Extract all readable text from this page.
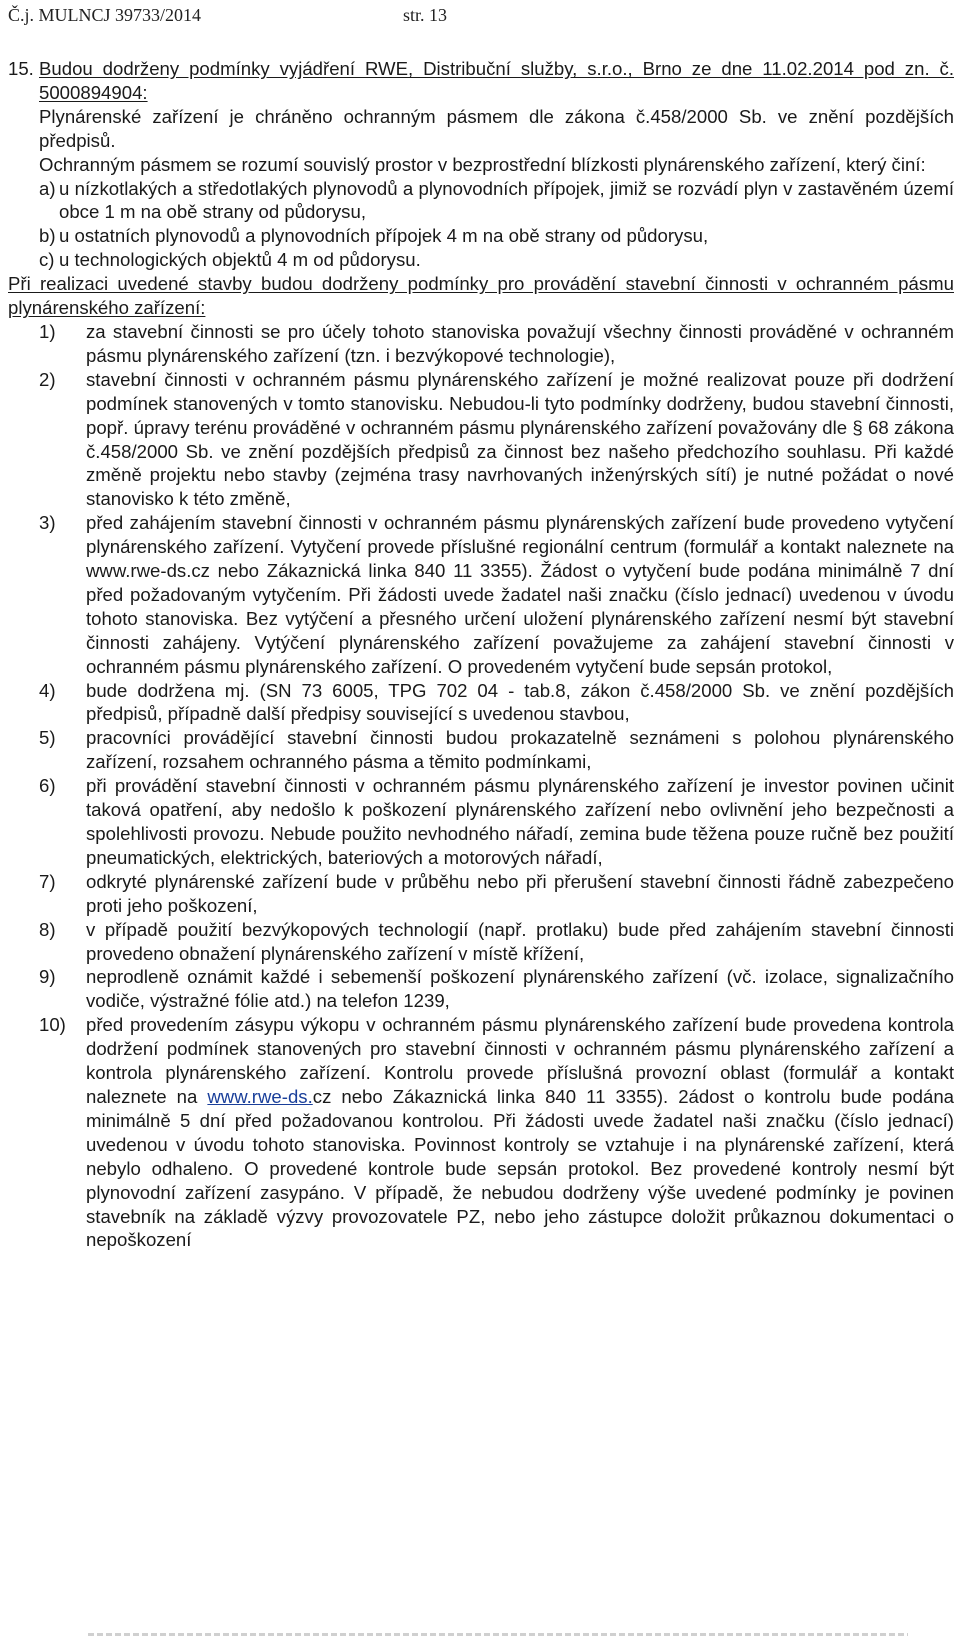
Č.j. MULNCJ 39733/2014	str. 13
15. Budou dodrženy podmínky vyjádření RWE, Distribuční služby, s.r.o., Brno ze dne 11.02.2014 pod zn. č. 5000894904:

Plynárenské zařízení je chráněno ochranným pásmem dle zákona č.458/2000 Sb. ve znění pozdějších předpisů.

Ochranným pásmem se rozumí souvislý prostor v bezprostřední blízkosti plynárenského zařízení, který činí:

a) u nízkotlakých a středotlakých plynovodů a plynovodních přípojek, jimiž se rozvádí plyn v zastavěném území obce 1 m na obě strany od půdorysu,

b) u ostatních plynovodů a plynovodních přípojek 4 m na obě strany od půdorysu,

c) u technologických objektů 4 m od půdorysu.

Při realizaci uvedené stavby budou dodrženy podmínky pro provádění stavební činnosti v ochranném pásmu plynárenského zařízení:

1) za stavební činnosti se pro účely tohoto stanoviska považují všechny činnosti prováděné v ochranném pásmu plynárenského zařízení (tzn. i bezvýkopové technologie),

2) stavební činnosti v ochranném pásmu plynárenského zařízení je možné realizovat pouze při dodržení podmínek stanovených v tomto stanovisku. Nebudou-li tyto podmínky dodrženy, budou stavební činnosti, popř. úpravy terénu prováděné v ochranném pásmu plynárenského zařízení považovány dle § 68 zákona č.458/2000 Sb. ve znění pozdějších předpisů za činnost bez našeho předchozího souhlasu. Při každé změně projektu nebo stavby (zejména trasy navrhovaných inženýrských sítí) je nutné požádat o nové stanovisko k této změně,

3) před zahájením stavební činnosti v ochranném pásmu plynárenských zařízení bude provedeno vytyčení plynárenského zařízení. Vytyčení provede příslušné regionální centrum (formulář a kontakt naleznete na www.rwe-ds.cz nebo Zákaznická linka 840 11 3355). Žádost o vytyčení bude podána minimálně 7 dní před požadovaným vytyčením. Při žádosti uvede žadatel naši značku (číslo jednací) uvedenou v úvodu tohoto stanoviska. Bez vytýčení a přesného určení uložení plynárenského zařízení nesmí být stavební činnosti zahájeny. Vytýčení plynárenského zařízení považujeme za zahájení stavební činnosti v ochranném pásmu plynárenského zařízení. O provedeném vytyčení bude sepsán protokol,

4) bude dodržena mj. (SN 73 6005, TPG 702 04 - tab.8, zákon č.458/2000 Sb. ve znění pozdějších předpisů, případně další předpisy související s uvedenou stavbou,

5) pracovníci provádějící stavební činnosti budou prokazatelně seznámeni s polohou plynárenského zařízení, rozsahem ochranného pásma a těmito podmínkami,

6) při provádění stavební činnosti v ochranném pásmu plynárenského zařízení je investor povinen učinit taková opatření, aby nedošlo k poškození plynárenského zařízení nebo ovlivnění jeho bezpečnosti a spolehlivosti provozu. Nebude použito nevhodného nářadí, zemina bude těžena pouze ručně bez použití pneumatických, elektrických, bateriových a motorových nářadí,

7) odkryté plynárenské zařízení bude v průběhu nebo při přerušení stavební činnosti řádně zabezpečeno proti jeho poškození,

8) v případě použití bezvýkopových technologií (např. protlaku) bude před zahájením stavební činnosti provedeno obnažení plynárenského zařízení v místě křížení,

9) neprodleně oznámit každé i sebemenší poškození plynárenského zařízení (vč. izolace, signalizačního vodiče, výstražné fólie atd.) na telefon 1239,

10) před provedením zásypu výkopu v ochranném pásmu plynárenského zařízení bude provedena kontrola dodržení podmínek stanovených pro stavební činnosti v ochranném pásmu plynárenského zařízení a kontrola plynárenského zařízení. Kontrolu provede příslušná provozní oblast (formulář a kontakt naleznete na www.rwe-ds.cz nebo Zákaznická linka 840 11 3355). 2ádost o kontrolu bude podána minimálně 5 dní před požadovanou kontrolou. Při žádosti uvede žadatel naši značku (číslo jednací) uvedenou v úvodu tohoto stanoviska. Povinnost kontroly se vztahuje i na plynárenské zařízení, která nebylo odhaleno. O provedené kontrole bude sepsán protokol. Bez provedené kontroly nesmí být plynovodní zařízení zasypáno. V případě, že nebudou dodrženy výše uvedené podmínky je povinen stavebník na základě výzvy provozovatele PZ, nebo jeho zástupce doložit průkaznou dokumentaci o nepoškození
